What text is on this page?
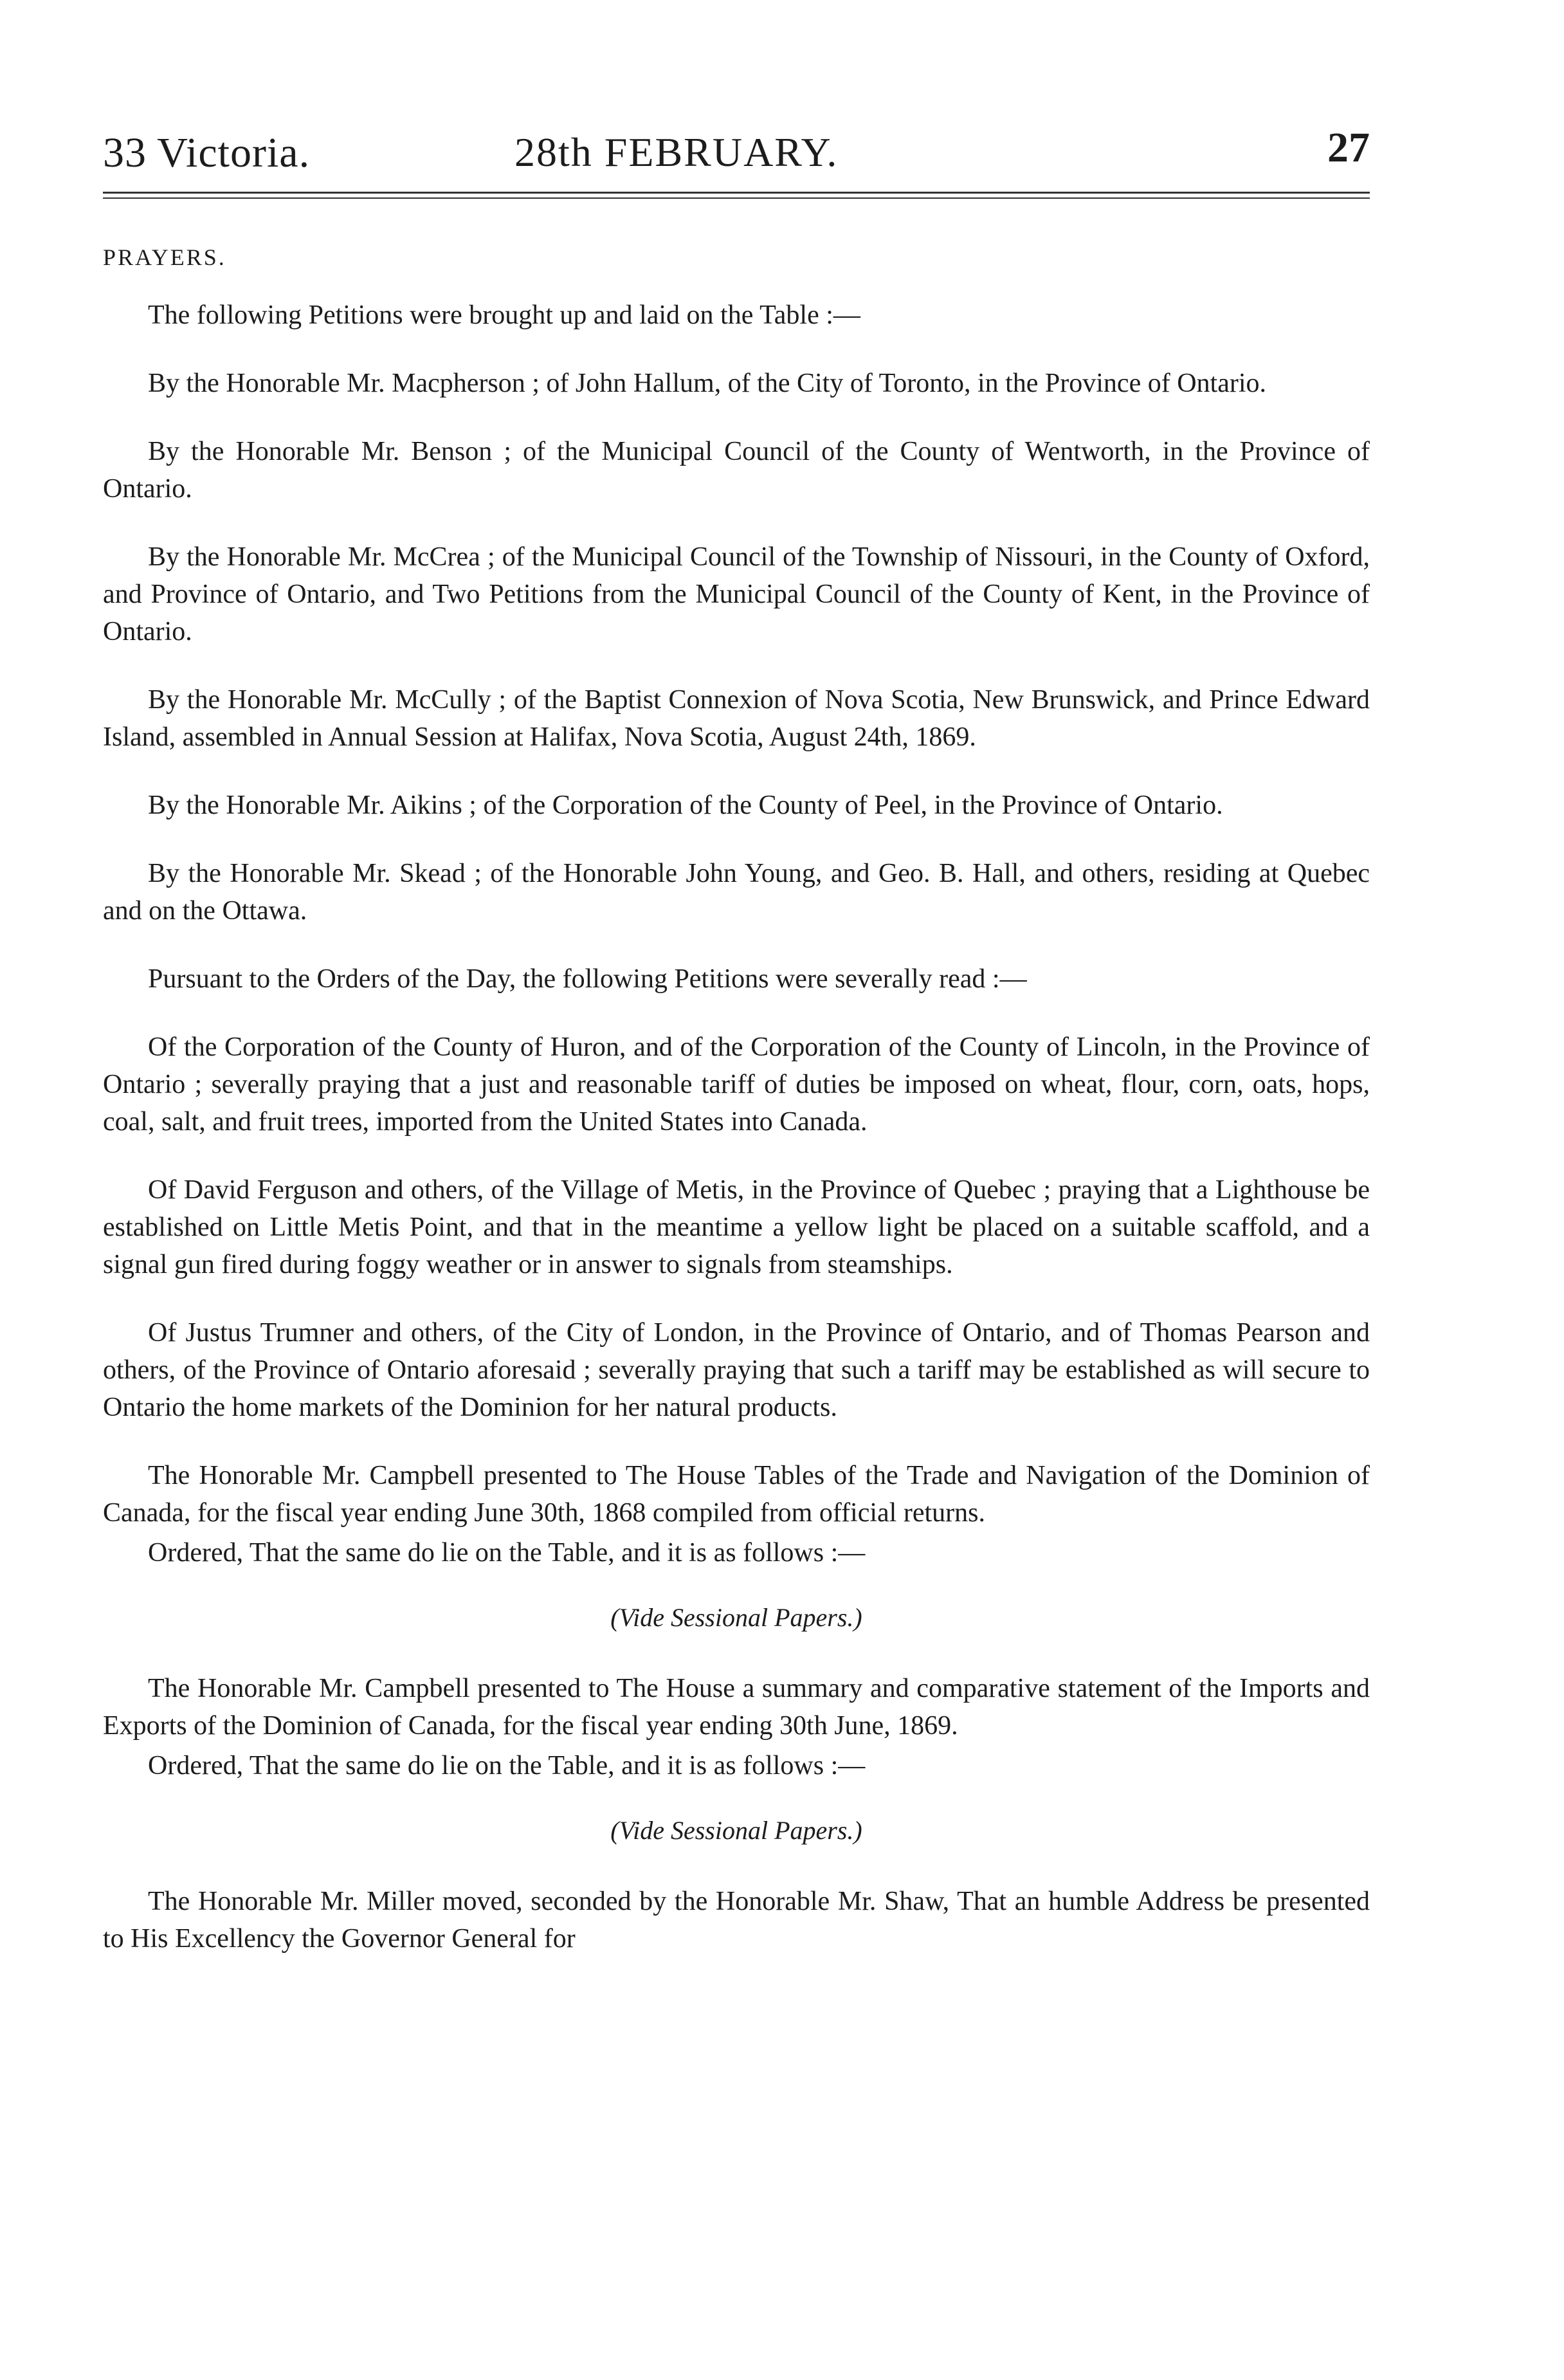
33 Victoria.	28th FEBRUARY.	27
PRAYERS.

The following Petitions were brought up and laid on the Table :—

By the Honorable Mr. Macpherson ; of John Hallum, of the City of Toronto, in the Province of Ontario.

By the Honorable Mr. Benson ; of the Municipal Council of the County of Wentworth, in the Province of Ontario.

By the Honorable Mr. McCrea ; of the Municipal Council of the Township of Nissouri, in the County of Oxford, and Province of Ontario, and Two Petitions from the Municipal Council of the County of Kent, in the Province of Ontario.

By the Honorable Mr. McCully ; of the Baptist Connexion of Nova Scotia, New Brunswick, and Prince Edward Island, assembled in Annual Session at Halifax, Nova Scotia, August 24th, 1869.

By the Honorable Mr. Aikins ; of the Corporation of the County of Peel, in the Province of Ontario.

By the Honorable Mr. Skead ; of the Honorable John Young, and Geo. B. Hall, and others, residing at Quebec and on the Ottawa.

Pursuant to the Orders of the Day, the following Petitions were severally read :—

Of the Corporation of the County of Huron, and of the Corporation of the County of Lincoln, in the Province of Ontario ; severally praying that a just and reasonable tariff of duties be imposed on wheat, flour, corn, oats, hops, coal, salt, and fruit trees, imported from the United States into Canada.

Of David Ferguson and others, of the Village of Metis, in the Province of Quebec ; praying that a Lighthouse be established on Little Metis Point, and that in the meantime a yellow light be placed on a suitable scaffold, and a signal gun fired during foggy weather or in answer to signals from steamships.

Of Justus Trumner and others, of the City of London, in the Province of Ontario, and of Thomas Pearson and others, of the Province of Ontario aforesaid ; severally praying that such a tariff may be established as will secure to Ontario the home markets of the Dominion for her natural products.

The Honorable Mr. Campbell presented to The House Tables of the Trade and Navigation of the Dominion of Canada, for the fiscal year ending June 30th, 1868 compiled from official returns.

Ordered, That the same do lie on the Table, and it is as follows :—

(Vide Sessional Papers.)

The Honorable Mr. Campbell presented to The House a summary and comparative statement of the Imports and Exports of the Dominion of Canada, for the fiscal year ending 30th June, 1869.

Ordered, That the same do lie on the Table, and it is as follows :—

(Vide Sessional Papers.)

The Honorable Mr. Miller moved, seconded by the Honorable Mr. Shaw, That an humble Address be presented to His Excellency the Governor General for
